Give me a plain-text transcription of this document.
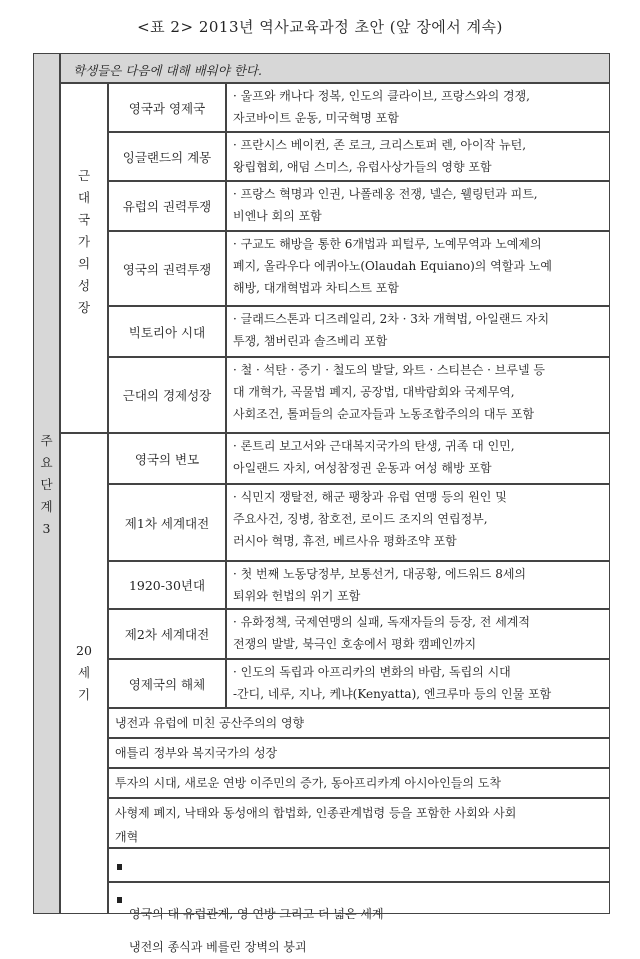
<표 2> 2013년 역사교육과정 초안 (앞 장에서 계속)
주
요
단
계
3
학생들은 다음에 대해 배워야 한다.
근
대
국
가
의
성
장
영국과 영제국
· 울프와 캐나다 정복, 인도의 클라이브, 프랑스와의 경쟁,
자코바이트 운동, 미국혁명 포함
잉글랜드의 계몽
· 프란시스 베이컨, 존 로크, 크리스토퍼 렌, 아이작 뉴턴,
왕립협회, 애덤 스미스, 유럽사상가들의 영향 포함
유럽의 권력투쟁
· 프랑스 혁명과 인권, 나폴레옹 전쟁, 넬슨, 웰링턴과 피트,
비엔나 회의 포함
영국의 권력투쟁
· 구교도 해방을 통한 6개법과 피털루, 노예무역과 노예제의
폐지, 올라우다 에퀴아노(Olaudah Equiano)의 역할과 노예
해방, 대개혁법과 차티스트 포함
빅토리아 시대
· 글래드스톤과 디즈레일리, 2차 · 3차 개혁법, 아일랜드 자치
투쟁, 챔버린과 솔즈베리 포함
근대의 경제성장
· 철 · 석탄 · 증기 · 철도의 발달, 와트 · 스티븐슨 · 브루넬 등
대 개혁가, 곡물법 폐지, 공장법, 대박람회와 국제무역,
사회조건, 톨퍼들의 순교자들과 노동조합주의의 대두 포함
20
세
기
영국의 변모
· 론트리 보고서와 근대복지국가의 탄생, 귀족 대 인민,
아일랜드 자치, 여성참정권 운동과 여성 해방 포함
제1차 세계대전
· 식민지 쟁탈전, 해군 팽창과 유럽 연맹 등의 원인 및
주요사건, 징병, 참호전, 로이드 조지의 연립정부,
러시아 혁명, 휴전, 베르사유 평화조약 포함
1920-30년대
· 첫 번째 노동당정부, 보통선거, 대공황, 에드워드 8세의
퇴위와 헌법의 위기 포함
제2차 세계대전
· 유화정책, 국제연맹의 실패, 독재자들의 등장, 전 세계적
전쟁의 발발, 북극인 호송에서 평화 캠페인까지
영제국의 해체
· 인도의 독립과 아프리카의 변화의 바람, 독립의 시대
-간디, 네루, 지나, 케냐(Kenyatta), 엔크루마 등의 인물 포함
냉전과 유럽에 미친 공산주의의 영향
애틀리 정부와 복지국가의 성장
투자의 시대, 새로운 연방 이주민의 증가, 동아프리카계 아시아인들의 도착
사형제 폐지, 낙태와 동성애의 합법화, 인종관계법령 등을 포함한 사회와 사회
개혁

영국의 대 유럽관계, 영 연방 그리고 더 넓은 세계

냉전의 종식과 베를린 장벽의 붕괴
